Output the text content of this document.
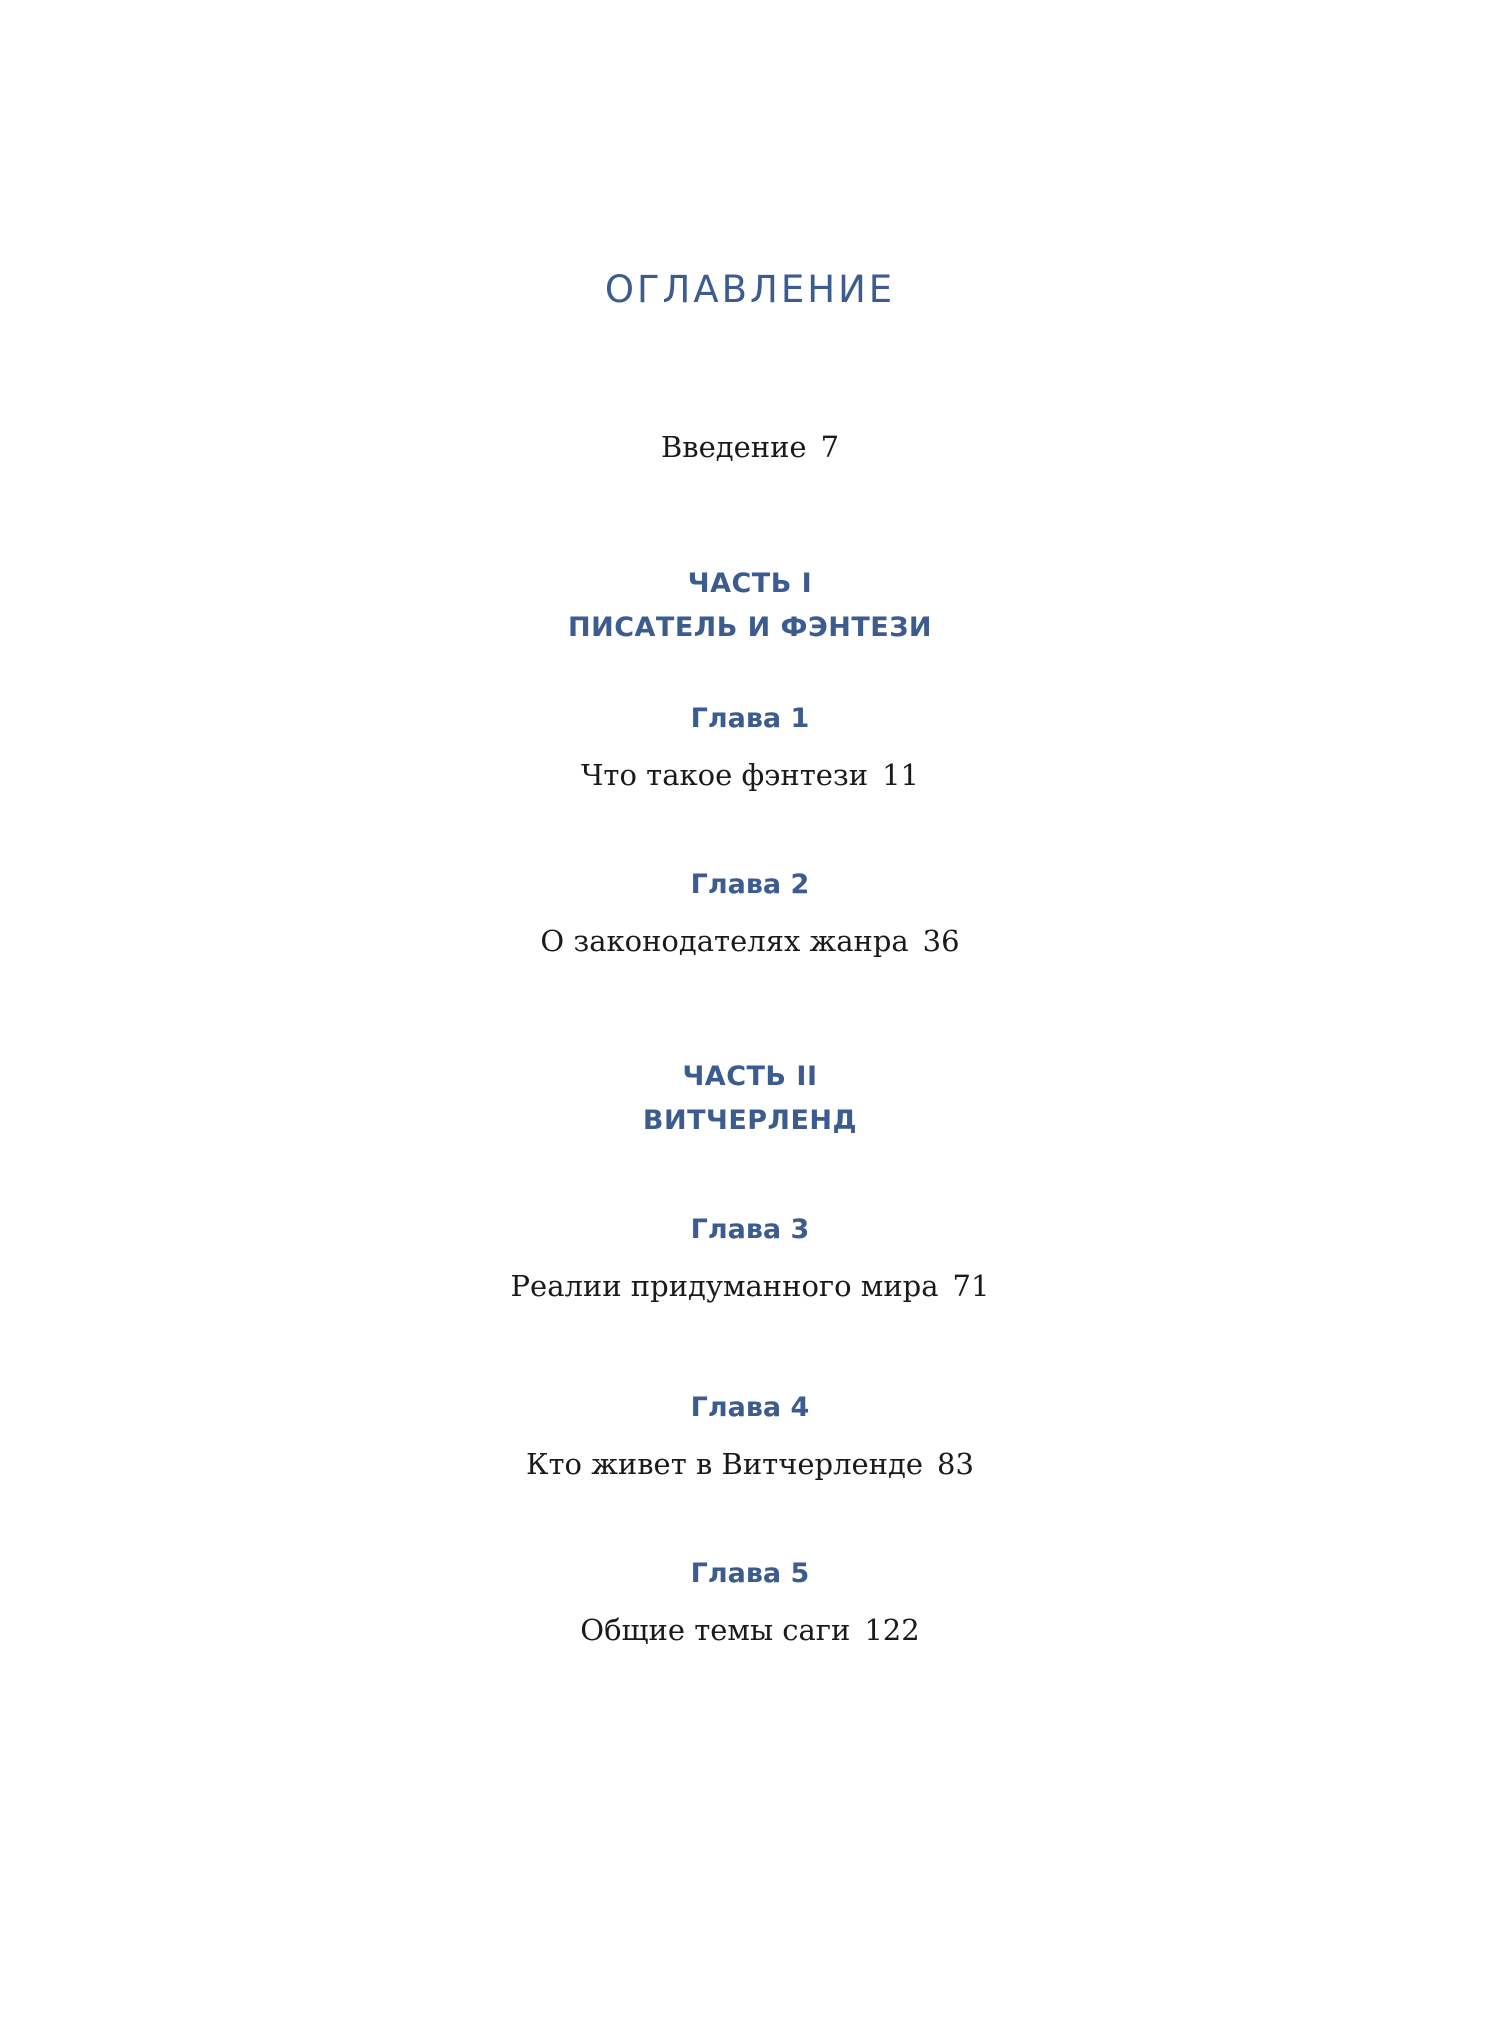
ОГЛАВЛЕНИЕ
Введение 7
ЧАСТЬ I
ПИСАТЕЛЬ И ФЭНТЕЗИ
Глава 1
Что такое фэнтези 11
Глава 2
О законодателях жанра 36
ЧАСТЬ II
ВИТЧЕРЛЕНД
Глава 3
Реалии придуманного мира 71
Глава 4
Кто живет в Витчерленде 83
Глава 5
Общие темы саги 122
